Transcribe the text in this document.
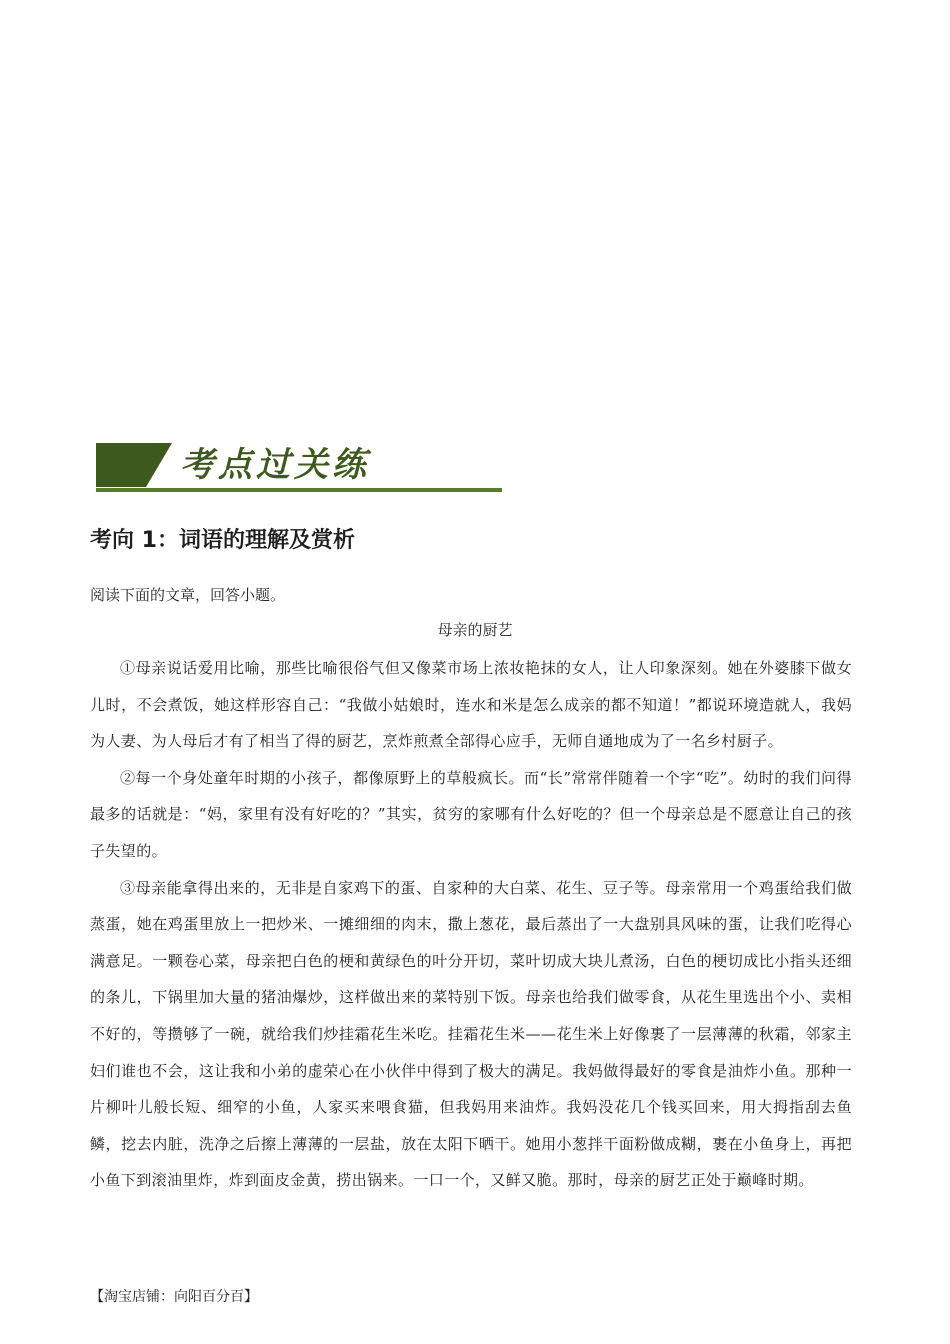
考点过关练
考向 1：词语的理解及赏析
阅读下面的文章，回答小题。
母亲的厨艺

①母亲说话爱用比喻，那些比喻很俗气但又像菜市场上浓妆艳抹的女人，让人印象深刻。她在外婆膝下做女儿时，不会煮饭，她这样形容自己：“我做小姑娘时，连水和米是怎么成亲的都不知道！”都说环境造就人，我妈为人妻、为人母后才有了相当了得的厨艺，烹炸煎煮全部得心应手，无师自通地成为了一名乡村厨子。

②每一个身处童年时期的小孩子，都像原野上的草般疯长。而“长”常常伴随着一个字“吃”。幼时的我们问得最多的话就是：“妈，家里有没有好吃的？”其实，贫穷的家哪有什么好吃的？但一个母亲总是不愿意让自己的孩子失望的。

③母亲能拿得出来的，无非是自家鸡下的蛋、自家种的大白菜、花生、豆子等。母亲常用一个鸡蛋给我们做蒸蛋，她在鸡蛋里放上一把炒米、一摊细细的肉末，撒上葱花，最后蒸出了一大盘别具风味的蛋，让我们吃得心满意足。一颗卷心菜，母亲把白色的梗和黄绿色的叶分开切，菜叶切成大块儿煮汤，白色的梗切成比小指头还细的条儿，下锅里加大量的猪油爆炒，这样做出来的菜特别下饭。母亲也给我们做零食，从花生里选出个小、卖相不好的，等攒够了一碗，就给我们炒挂霜花生米吃。挂霜花生米——花生米上好像裹了一层薄薄的秋霜，邻家主妇们谁也不会，这让我和小弟的虚荣心在小伙伴中得到了极大的满足。我妈做得最好的零食是油炸小鱼。那种一片柳叶儿般长短、细窄的小鱼，人家买来喂食猫，但我妈用来油炸。我妈没花几个钱买回来，用大拇指刮去鱼鳞，挖去内脏，洗净之后擦上薄薄的一层盐，放在太阳下晒干。她用小葱拌干面粉做成糊，裹在小鱼身上，再把小鱼下到滚油里炸，炸到面皮金黄，捞出锅来。一口一个，又鲜又脆。那时，母亲的厨艺正处于巅峰时期。

【淘宝店铺：向阳百分百】
